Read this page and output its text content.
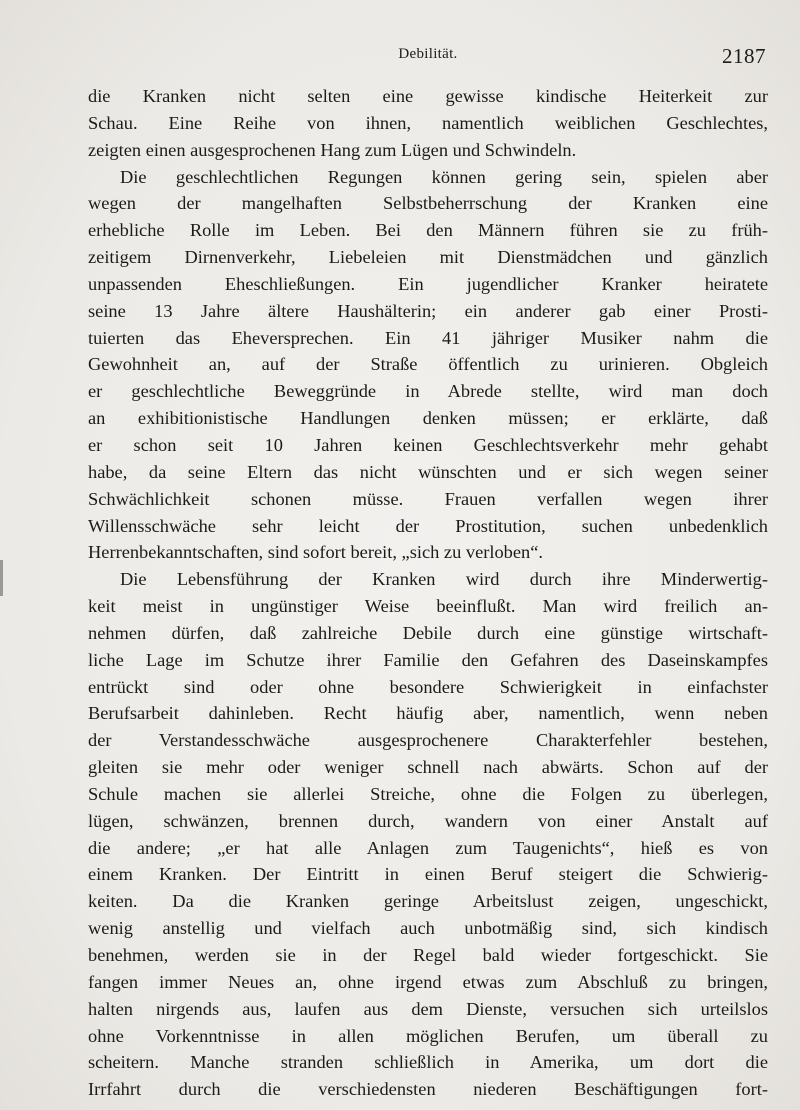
Debilität.	2187
die Kranken nicht selten eine gewisse kindische Heiterkeit zur
Schau. Eine Reihe von ihnen, namentlich weiblichen Geschlechtes,
zeigten einen ausgesprochenen Hang zum Lügen und Schwindeln.
Die geschlechtlichen Regungen können gering sein, spielen aber
wegen der mangelhaften Selbstbeherrschung der Kranken eine
erhebliche Rolle im Leben. Bei den Männern führen sie zu früh-
zeitigem Dirnenverkehr, Liebeleien mit Dienstmädchen und gänzlich
unpassenden Eheschließungen. Ein jugendlicher Kranker heiratete
seine 13 Jahre ältere Haushälterin; ein anderer gab einer Prosti-
tuierten das Eheversprechen. Ein 41 jähriger Musiker nahm die
Gewohnheit an, auf der Straße öffentlich zu urinieren. Obgleich
er geschlechtliche Beweggründe in Abrede stellte, wird man doch
an exhibitionistische Handlungen denken müssen; er erklärte, daß
er schon seit 10 Jahren keinen Geschlechtsverkehr mehr gehabt
habe, da seine Eltern das nicht wünschten und er sich wegen seiner
Schwächlichkeit schonen müsse. Frauen verfallen wegen ihrer
Willensschwäche sehr leicht der Prostitution, suchen unbedenklich
Herrenbekanntschaften, sind sofort bereit, „sich zu verloben“.
Die Lebensführung der Kranken wird durch ihre Minderwertig-
keit meist in ungünstiger Weise beeinflußt. Man wird freilich an-
nehmen dürfen, daß zahlreiche Debile durch eine günstige wirtschaft-
liche Lage im Schutze ihrer Familie den Gefahren des Daseinskampfes
entrückt sind oder ohne besondere Schwierigkeit in einfachster
Berufsarbeit dahinleben. Recht häufig aber, namentlich, wenn neben
der Verstandesschwäche ausgesprochenere Charakterfehler bestehen,
gleiten sie mehr oder weniger schnell nach abwärts. Schon auf der
Schule machen sie allerlei Streiche, ohne die Folgen zu überlegen,
lügen, schwänzen, brennen durch, wandern von einer Anstalt auf
die andere; „er hat alle Anlagen zum Taugenichts“, hieß es von
einem Kranken. Der Eintritt in einen Beruf steigert die Schwierig-
keiten. Da die Kranken geringe Arbeitslust zeigen, ungeschickt,
wenig anstellig und vielfach auch unbotmäßig sind, sich kindisch
benehmen, werden sie in der Regel bald wieder fortgeschickt. Sie
fangen immer Neues an, ohne irgend etwas zum Abschluß zu bringen,
halten nirgends aus, laufen aus dem Dienste, versuchen sich urteilslos
ohne Vorkenntnisse in allen möglichen Berufen, um überall zu
scheitern. Manche stranden schließlich in Amerika, um dort die
Irrfahrt durch die verschiedensten niederen Beschäftigungen fort-
